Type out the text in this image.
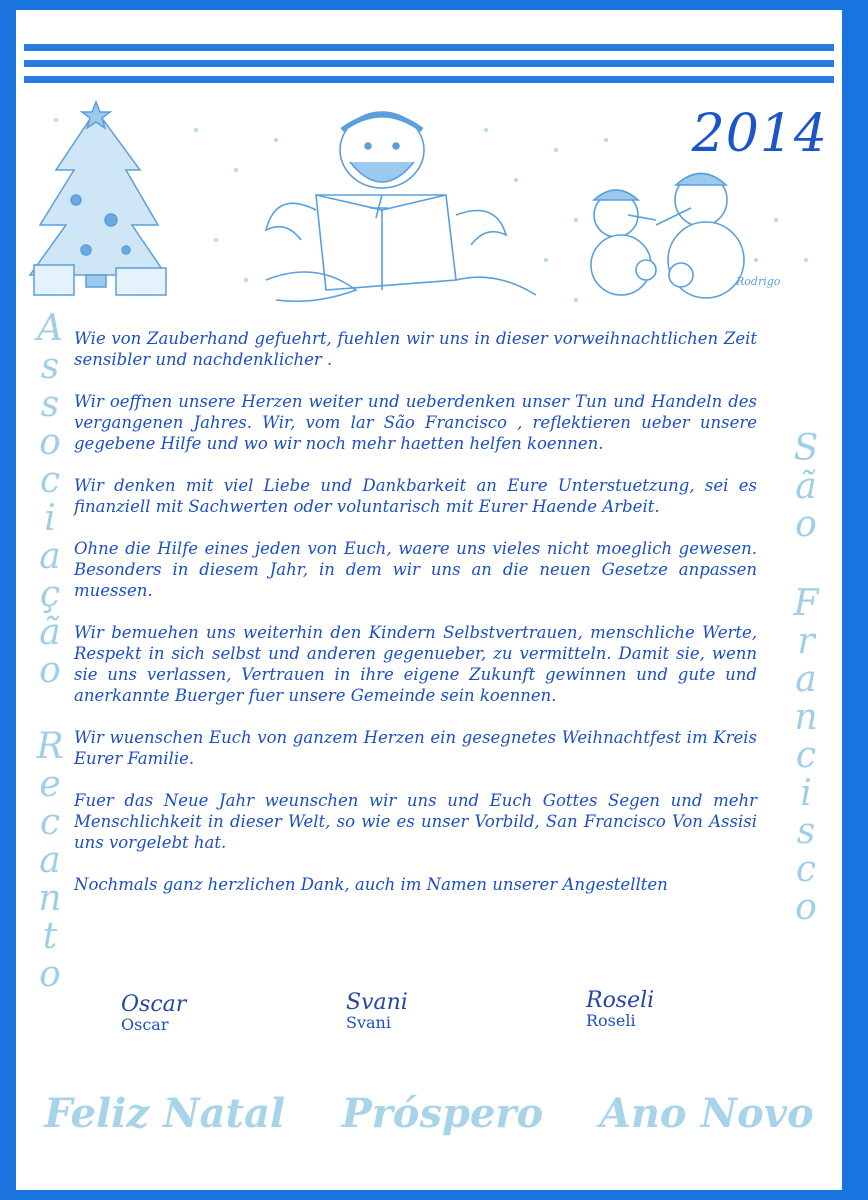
Rodrigo
2014
A
s
s
o
c
i
a
ç
ã
o
R
e
c
a
n
t
o
S
ã
o
F
r
a
n
c
i
s
c
o

Wie von Zauberhand gefuehrt, fuehlen wir uns in dieser vorweihnachtlichen Zeit sensibler und nachdenklicher .

Wir oeffnen unsere Herzen weiter und ueberdenken unser Tun und Handeln des vergangenen Jahres. Wir, vom lar São Francisco , reflektieren ueber unsere gegebene Hilfe und wo wir noch mehr haetten helfen koennen.

Wir denken mit viel Liebe und Dankbarkeit an Eure Unterstuetzung, sei es finanziell mit Sachwerten oder voluntarisch mit Eurer Haende Arbeit.

Ohne die Hilfe eines jeden von Euch, waere uns vieles nicht moeglich gewesen. Besonders in diesem Jahr, in dem wir uns an die neuen Gesetze anpassen muessen.

Wir bemuehen uns weiterhin den Kindern Selbstvertrauen, menschliche Werte, Respekt in sich selbst und anderen gegenueber, zu vermitteln. Damit sie, wenn sie uns verlassen, Vertrauen in ihre eigene Zukunft gewinnen und gute und anerkannte Buerger fuer unsere Gemeinde sein koennen.

Wir wuenschen Euch von ganzem Herzen ein gesegnetes Weihnachtfest im Kreis Eurer Familie.

Fuer das Neue Jahr weunschen wir uns und Euch Gottes Segen und mehr Menschlichkeit in dieser Welt, so wie es unser Vorbild, San Francisco Von Assisi uns vorgelebt hat.

Nochmals ganz herzlichen Dank, auch im Namen unserer Angestellten

Oscar
Oscar
Svani
Svani
Roseli
Roseli
Feliz Natal Próspero Ano Novo
